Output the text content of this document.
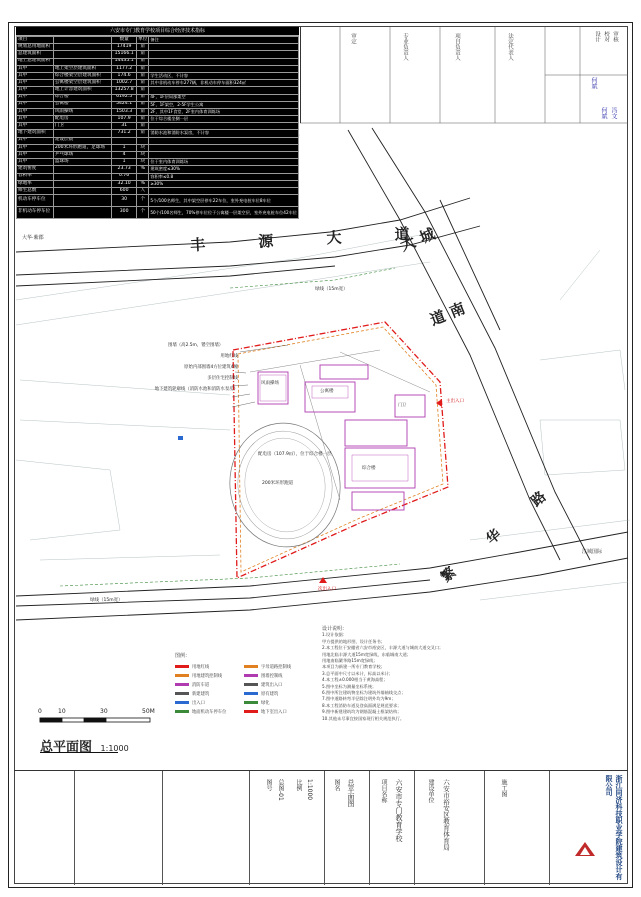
六安市专门教育学校项目综合经济技术指标
项目		数量	单位	备注
规划总用地面积		17419	㎡	
总建筑面积		15166.1	㎡	
地上总建筑面积		14435.1	㎡	
其中	地上架空层建筑面积	1177.2	㎡	
其中	综合楼架空层建筑面积	174.6	㎡	学生活动区，不计容
其中	公寓楼架空层建筑面积	1002.7	㎡	其中非机动车停车277辆，非机动车停车面积324㎡
其中	地上计容建筑面积	13257.8	㎡	
其中	综合楼	6192.5	㎡	4F，1F层局部架空
其中	公寓楼	5424.1	㎡	5F，1F架空，2-5F学生公寓
其中	风雨操场	1503.3	㎡	2F，其中1F食堂，2F室内体育训练场
其中	配电房	107.9	㎡	位于综合楼坐侧一层
其中	门卫	31	㎡	
地下建筑面积		731.2	㎡	消防水池和消防水泵房，不计容
其中	建设层数			
其中	200米环形跑道，足球场	1	块	
其中	乒乓球场	4	块	
其中	篮球场	1	块	位于室内体育训练场
建筑密度		23.73	%	建筑密度≤30%
容积率		0.76		容积率≤0.8
绿地率		32.10	%	≥30%
师生总数		600	人	
机动车停车位		30	个	5个/100名师生，其中架空层停车22车位，室外充电桩车位8车位
非机动车停车位		300	个	50个/100名师生，70%停车位位于公寓楼一层架空层，室外充电桩车位42车位
丰 源 大 道
城 南 大 道
繁 华 路
大华·紫郡
绿线（15m宽）
绿线（15m宽）
江城国际
围墙（高2.5m，镂空围墙）
用地红线
原始内部围墙4方位建筑4幢
多层住宅控制线
地下建筑轮廓线（消防水池和消防水泵房）
风雨操场
公寓楼
综合楼
门卫
200米环形跑道
配电房（107.9㎡），位于综合楼一层
主出入口
次出入口
0	10	30	50M
总平面图 1:1000
图例：
用地红线	字母道路控制线
用地建筑控制线	围墙控制线
消防车道	建筑出入口
新建建筑	原有建筑
出入口	绿化
地面机动车停车位	地下室出入口
设计说明：
1.设计依据：
甲方提供的地形图、设计任务书；
2.本工程位于安徽省六安市裕安区，丰源大道与城南大道交叉口；
用地北临丰源大道15m宽绿线，东临城南大道；
用地南临繁华路15m宽绿线；
本项目为新建一所专门教育学校；
3.总平面中尺寸以米计，标高以米计；
4.本工程±0.000相当于黄海高程；
5.图中坐标为测量坐标系统；
6.图中所注建筑物坐标为建筑外墙轴线交点；
7.图中道路转弯半径除注明外均为9m；
8.本工程消防车道及登高面满足规范要求；
9.图中新建建筑均为钢筋混凝土框架结构；
10.其他未尽事宜按国家现行相关规范执行。
设计 校对 审核
审定	专业负责人	项目负责人	法定代表人
何斌
何斌 冯文
图名 总平面图	项目名称 六安市专门教育学校	建设单位 六安市裕安区教育体育局
图号 总图-01 比例 1:1000	施工图	浙江同济科技职业学院建筑设计有限公司
